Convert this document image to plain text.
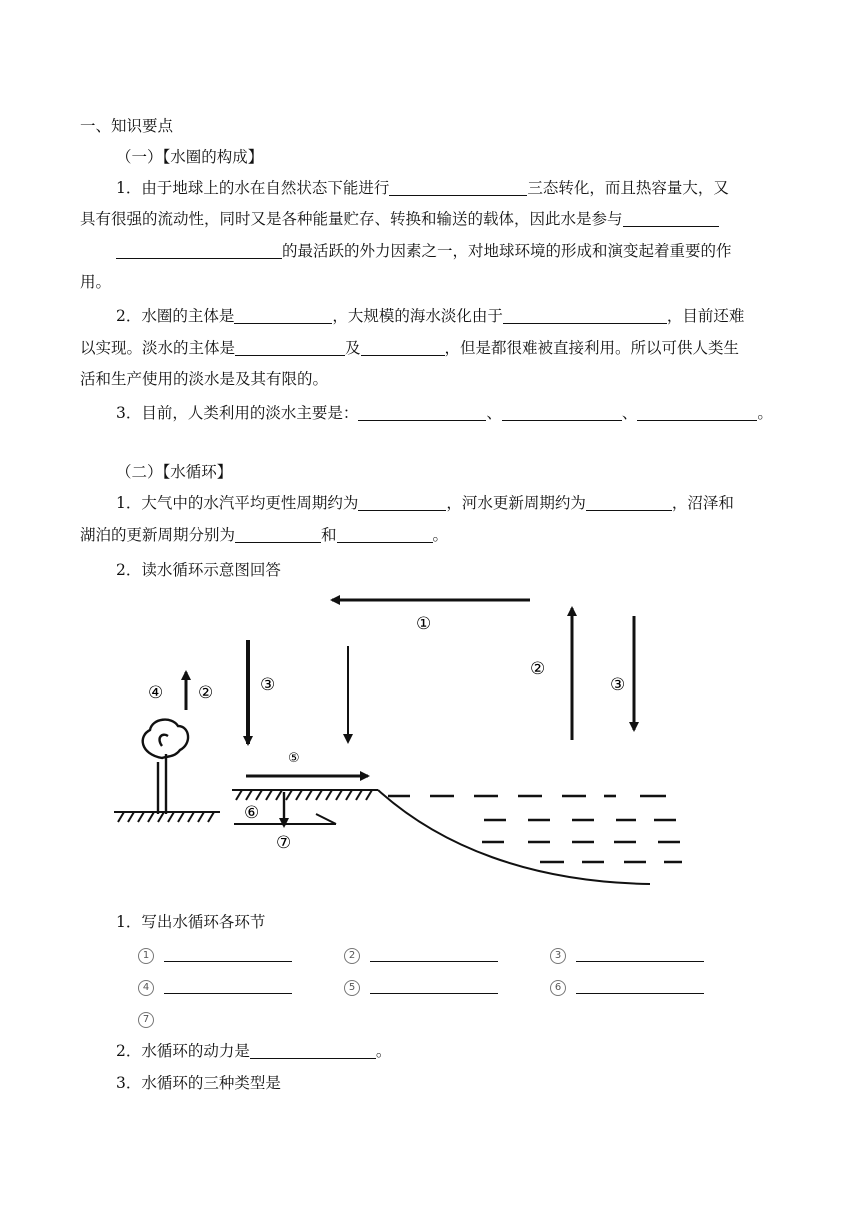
一、知识要点
（一）【水圈的构成】
1．由于地球上的水在自然状态下能进行	三态转化，而且热容量大，又
具有很强的流动性，同时又是各种能量贮存、转换和输送的载体，因此水是参与
的最活跃的外力因素之一，对地球环境的形成和演变起着重要的作
用。
2．水圈的主体是	，大规模的海水淡化由于	，目前还难
以实现。淡水的主体是	及	，但是都很难被直接利用。所以可供人类生
活和生产使用的淡水是及其有限的。
3．目前，人类利用的淡水主要是：	、	、	。
（二）【水循环】
1．大气中的水汽平均更性周期约为	，河水更新周期约为	，沼泽和
湖泊的更新周期分别为	和	。
2．读水循环示意图回答
①
②
③
③
④ ②
⑤
⑥
⑦
1．写出水循环各环节
1	2	3
4	5	6
7
2．水循环的动力是	。
3．水循环的三种类型是
